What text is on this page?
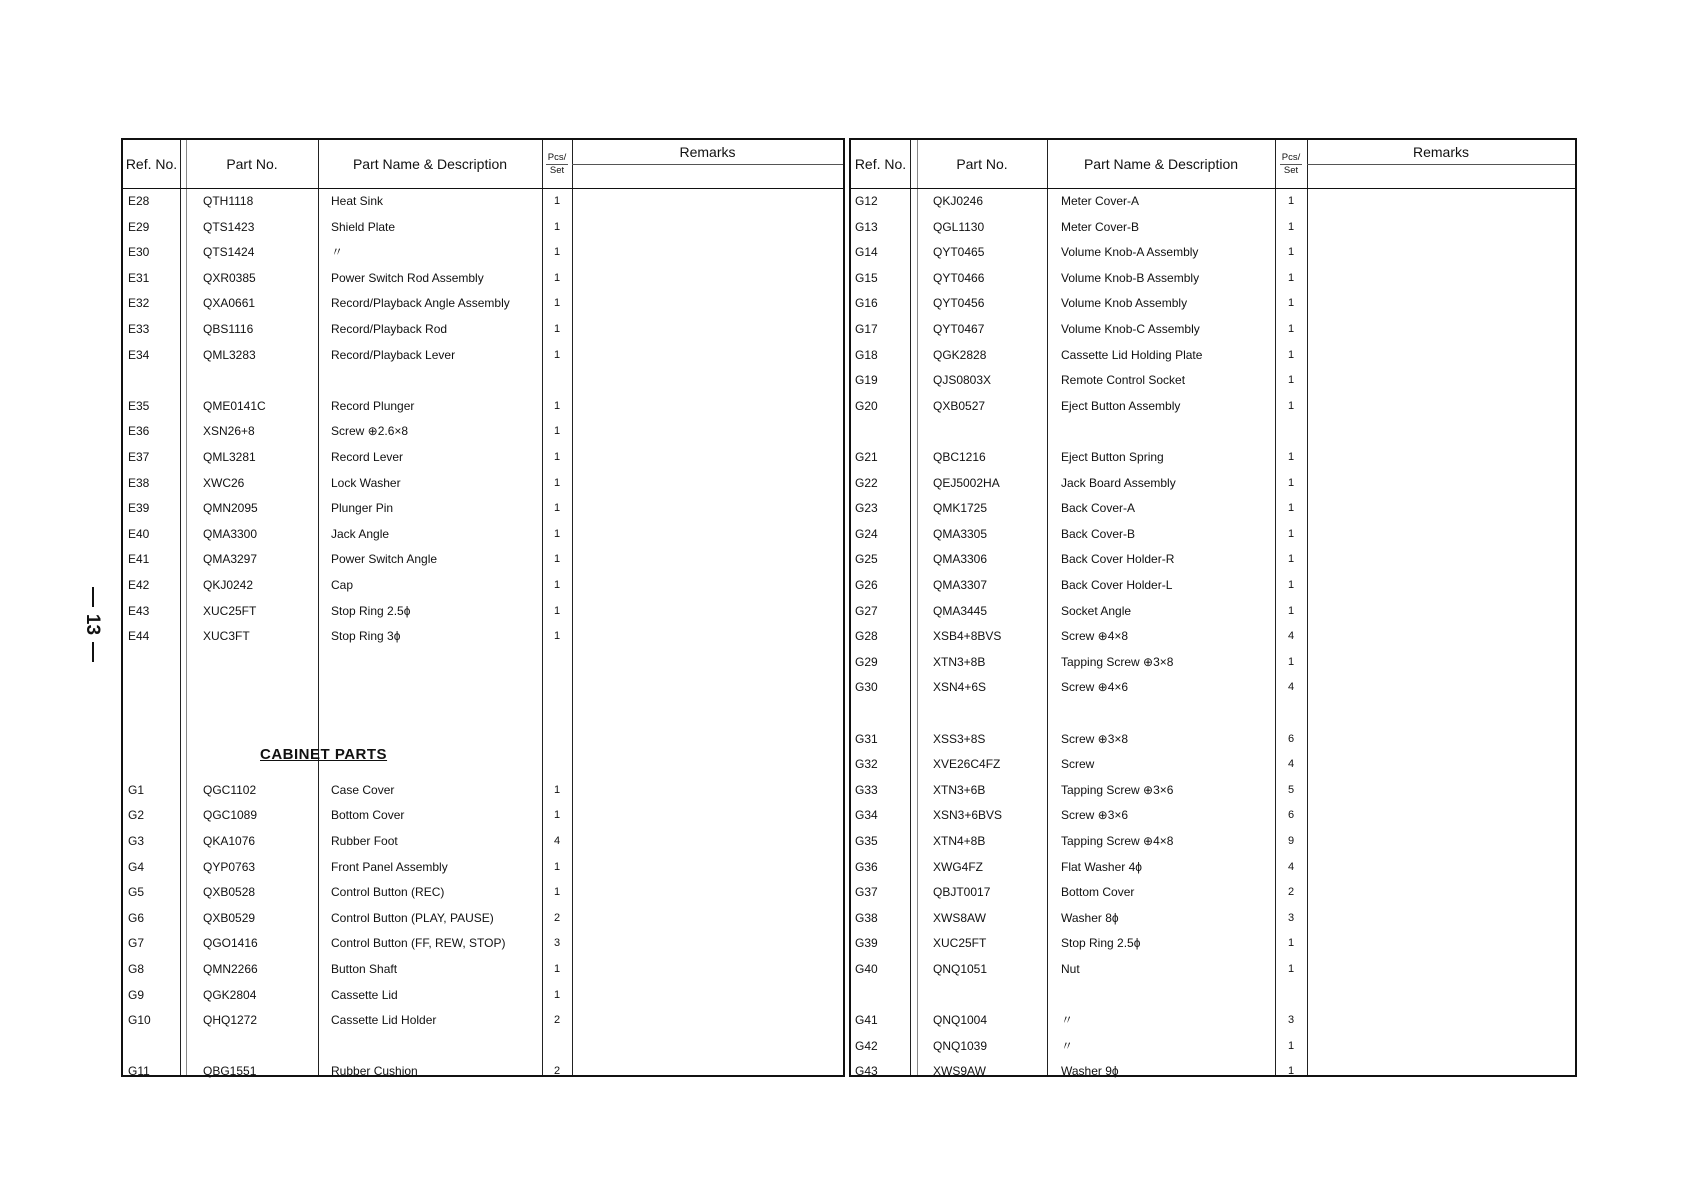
13
Ref. No.	Part No.	Part Name & Description	Pcs/
Set
Remarks
CABINET PARTS
E28	QTH1118	Heat Sink	1
E29	QTS1423	Shield Plate	1
E30	QTS1424	〃	1
E31	QXR0385	Power Switch Rod Assembly	1
E32	QXA0661	Record/Playback Angle Assembly	1
E33	QBS1116	Record/Playback Rod	1
E34	QML3283	Record/Playback Lever	1
E35	QME0141C	Record Plunger	1
E36	XSN26+8	Screw ⊕2.6×8	1
E37	QML3281	Record Lever	1
E38	XWC26	Lock Washer	1
E39	QMN2095	Plunger Pin	1
E40	QMA3300	Jack Angle	1
E41	QMA3297	Power Switch Angle	1
E42	QKJ0242	Cap	1
E43	XUC25FT	Stop Ring 2.5ϕ	1
E44	XUC3FT	Stop Ring 3ϕ	1
G1	QGC1102	Case Cover	1
G2	QGC1089	Bottom Cover	1
G3	QKA1076	Rubber Foot	4
G4	QYP0763	Front Panel Assembly	1
G5	QXB0528	Control Button (REC)	1
G6	QXB0529	Control Button (PLAY, PAUSE)	2
G7	QGO1416	Control Button (FF, REW, STOP)	3
G8	QMN2266	Button Shaft	1
G9	QGK2804	Cassette Lid	1
G10	QHQ1272	Cassette Lid Holder	2
G11	QBG1551	Rubber Cushion	2
Ref. No.	Part No.	Part Name & Description	Pcs/
Set
Remarks
G12	QKJ0246	Meter Cover-A	1
G13	QGL1130	Meter Cover-B	1
G14	QYT0465	Volume Knob-A Assembly	1
G15	QYT0466	Volume Knob-B Assembly	1
G16	QYT0456	Volume Knob Assembly	1
G17	QYT0467	Volume Knob-C Assembly	1
G18	QGK2828	Cassette Lid Holding Plate	1
G19	QJS0803X	Remote Control Socket	1
G20	QXB0527	Eject Button Assembly	1
G21	QBC1216	Eject Button Spring	1
G22	QEJ5002HA	Jack Board Assembly	1
G23	QMK1725	Back Cover-A	1
G24	QMA3305	Back Cover-B	1
G25	QMA3306	Back Cover Holder-R	1
G26	QMA3307	Back Cover Holder-L	1
G27	QMA3445	Socket Angle	1
G28	XSB4+8BVS	Screw ⊕4×8	4
G29	XTN3+8B	Tapping Screw ⊕3×8	1
G30	XSN4+6S	Screw ⊕4×6	4
G31	XSS3+8S	Screw ⊕3×8	6
G32	XVE26C4FZ	Screw	4
G33	XTN3+6B	Tapping Screw ⊕3×6	5
G34	XSN3+6BVS	Screw ⊕3×6	6
G35	XTN4+8B	Tapping Screw ⊕4×8	9
G36	XWG4FZ	Flat Washer 4ϕ	4
G37	QBJT0017	Bottom Cover	2
G38	XWS8AW	Washer 8ϕ	3
G39	XUC25FT	Stop Ring 2.5ϕ	1
G40	QNQ1051	Nut	1
G41	QNQ1004	〃	3
G42	QNQ1039	〃	1
G43	XWS9AW	Washer 9ϕ	1
